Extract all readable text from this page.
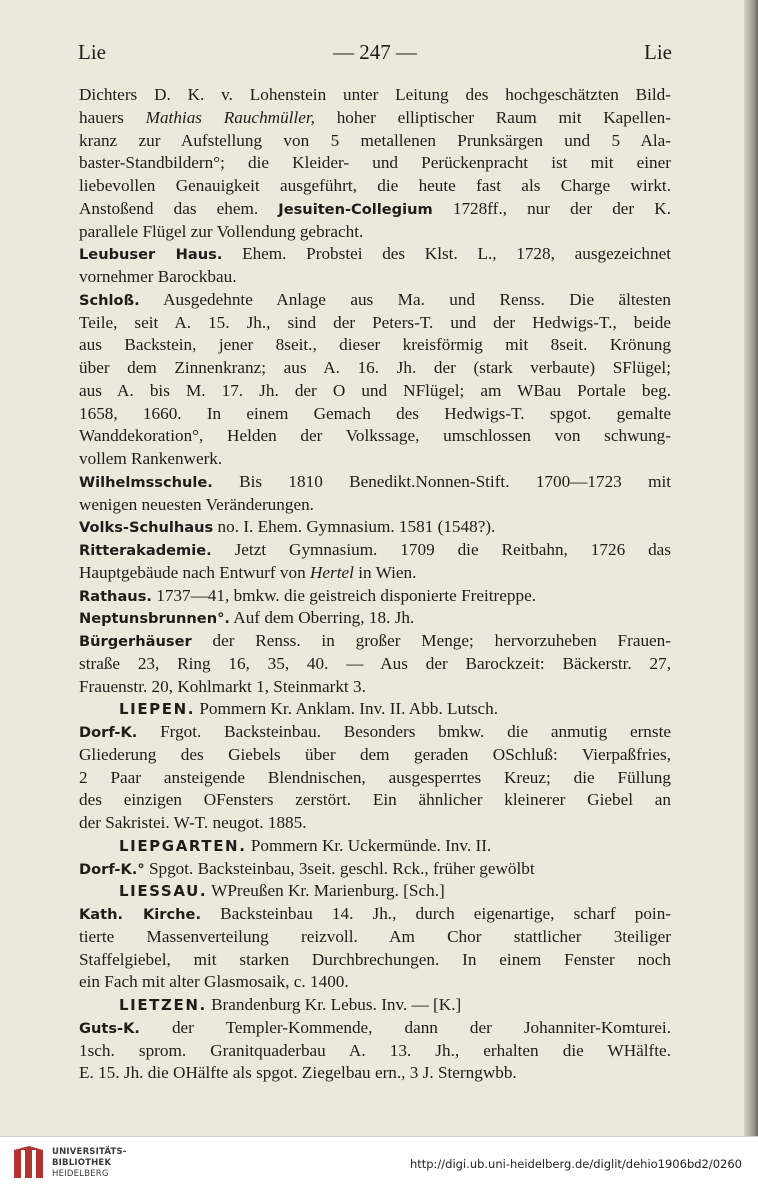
Lie	— 247 —	Lie
Dichters D. K. v. Lohenstein unter Leitung des hochgeschätzten Bild-
hauers Mathias Rauchmüller, hoher elliptischer Raum mit Kapellen-
kranz zur Aufstellung von 5 metallenen Prunksärgen und 5 Ala-
baster-Standbildern°; die Kleider- und Perückenpracht ist mit einer
liebevollen Genauigkeit ausgeführt, die heute fast als Charge wirkt.
Anstoßend das ehem. Jesuiten-Collegium 1728ff., nur der der K.
parallele Flügel zur Vollendung gebracht.
Leubuser Haus. Ehem. Probstei des Klst. L., 1728, ausgezeichnet
vornehmer Barockbau.
Schloß. Ausgedehnte Anlage aus Ma. und Renss. Die ältesten
Teile, seit A. 15. Jh., sind der Peters-T. und der Hedwigs-T., beide
aus Backstein, jener 8seit., dieser kreisförmig mit 8seit. Krönung
über dem Zinnenkranz; aus A. 16. Jh. der (stark verbaute) SFlügel;
aus A. bis M. 17. Jh. der O und NFlügel; am WBau Portale beg.
1658, 1660. In einem Gemach des Hedwigs-T. spgot. gemalte
Wanddekoration°, Helden der Volkssage, umschlossen von schwung-
vollem Rankenwerk.
Wilhelmsschule. Bis 1810 Benedikt.Nonnen-Stift. 1700—1723 mit
wenigen neuesten Veränderungen.
Volks-Schulhaus no. I. Ehem. Gymnasium. 1581 (1548?).
Ritterakademie. Jetzt Gymnasium. 1709 die Reitbahn, 1726 das
Hauptgebäude nach Entwurf von Hertel in Wien.
Rathaus. 1737—41, bmkw. die geistreich disponierte Freitreppe.
Neptunsbrunnen°. Auf dem Oberring, 18. Jh.
Bürgerhäuser der Renss. in großer Menge; hervorzuheben Frauen-
straße 23, Ring 16, 35, 40. — Aus der Barockzeit: Bäckerstr. 27,
Frauenstr. 20, Kohlmarkt 1, Steinmarkt 3.
LIEPEN. Pommern Kr. Anklam. Inv. II. Abb. Lutsch.
Dorf-K. Frgot. Backsteinbau. Besonders bmkw. die anmutig ernste
Gliederung des Giebels über dem geraden OSchluß: Vierpaßfries,
2 Paar ansteigende Blendnischen, ausgesperrtes Kreuz; die Füllung
des einzigen OFensters zerstört. Ein ähnlicher kleinerer Giebel an
der Sakristei. W-T. neugot. 1885.
LIEPGARTEN. Pommern Kr. Uckermünde. Inv. II.
Dorf-K.° Spgot. Backsteinbau, 3seit. geschl. Rck., früher gewölbt
LIESSAU. WPreußen Kr. Marienburg. [Sch.]
Kath. Kirche. Backsteinbau 14. Jh., durch eigenartige, scharf poin-
tierte Massenverteilung reizvoll. Am Chor stattlicher 3teiliger
Staffelgiebel, mit starken Durchbrechungen. In einem Fenster noch
ein Fach mit alter Glasmosaik, c. 1400.
LIETZEN. Brandenburg Kr. Lebus. Inv. — [K.]
Guts-K. der Templer-Kommende, dann der Johanniter-Komturei.
1sch. sprom. Granitquaderbau A. 13. Jh., erhalten die WHälfte.
E. 15. Jh. die OHälfte als spgot. Ziegelbau ern., 3 J. Sterngwbb.
UNIVERSITÄTS-
BIBLIOTHEK
HEIDELBERG
http://digi.ub.uni-heidelberg.de/diglit/dehio1906bd2/0260
